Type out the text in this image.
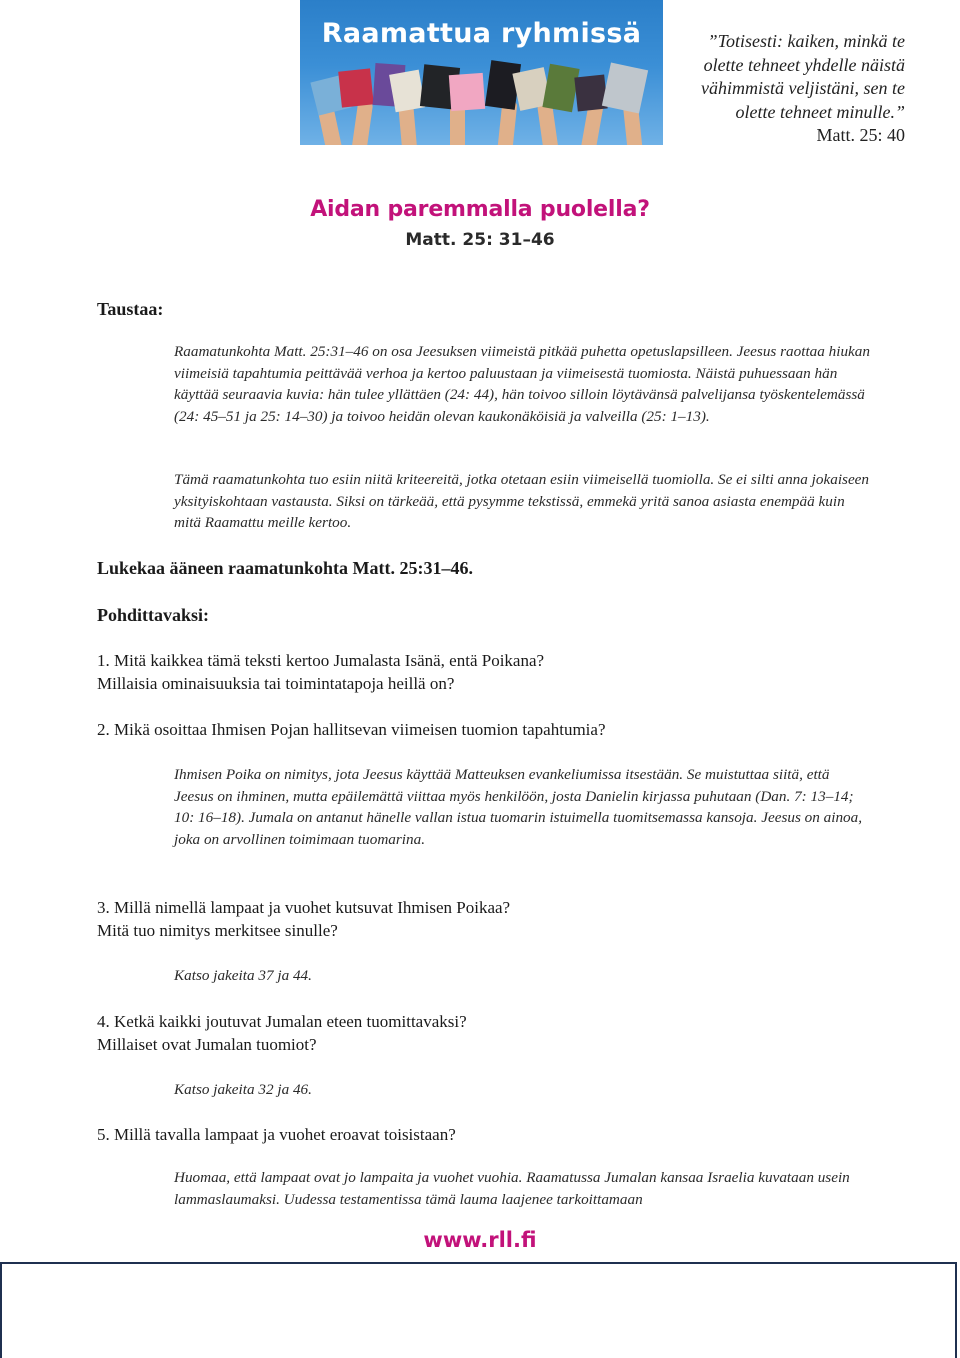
Raamattua ryhmissä	”Totisesti: kaiken, minkä te olette tehneet yhdelle näistä vähimmistä veljistäni, sen te olette tehneet minulle.”
Matt. 25: 40
Aidan paremmalla puolella?
Matt. 25: 31–46
Taustaa:
Raamatunkohta Matt. 25:31–46 on osa Jeesuksen viimeistä pitkää puhetta opetuslapsilleen. Jeesus raottaa hiukan viimeisiä tapahtumia peittävää verhoa ja kertoo paluustaan ja viimeisestä tuomiosta. Näistä puhuessaan hän käyttää seuraavia kuvia: hän tulee yllättäen (24: 44), hän toivoo silloin löytävänsä palvelijansa työskentelemässä (24: 45–51 ja 25: 14–30) ja toivoo heidän olevan kaukonäköisiä ja valveilla (25: 1–13).
Tämä raamatunkohta tuo esiin niitä kriteereitä, jotka otetaan esiin viimeisellä tuomiolla. Se ei silti anna jokaiseen yksityiskohtaan vastausta. Siksi on tärkeää, että pysymme tekstissä, emmekä yritä sanoa asiasta enempää kuin mitä Raamattu meille kertoo.
Lukekaa ääneen raamatunkohta Matt. 25:31–46.
Pohdittavaksi:
1. Mitä kaikkea tämä teksti kertoo Jumalasta Isänä, entä Poikana?
Millaisia ominaisuuksia tai toimintatapoja heillä on?
2. Mikä osoittaa Ihmisen Pojan hallitsevan viimeisen tuomion tapahtumia?
Ihmisen Poika on nimitys, jota Jeesus käyttää Matteuksen evankeliumissa itsestään. Se muistuttaa siitä, että Jeesus on ihminen, mutta epäilemättä viittaa myös henkilöön, josta Danielin kirjassa puhutaan (Dan. 7: 13–14; 10: 16–18). Jumala on antanut hänelle vallan istua tuomarin istuimella tuomitsemassa kansoja. Jeesus on ainoa, joka on arvollinen toimimaan tuomarina.
3. Millä nimellä lampaat ja vuohet kutsuvat Ihmisen Poikaa?
Mitä tuo nimitys merkitsee sinulle?
Katso jakeita 37 ja 44.
4. Ketkä kaikki joutuvat Jumalan eteen tuomittavaksi?
Millaiset ovat Jumalan tuomiot?
Katso jakeita 32 ja 46.
5. Millä tavalla lampaat ja vuohet eroavat toisistaan?
Huomaa, että lampaat ovat jo lampaita ja vuohet vuohia. Raamatussa Jumalan kansaa Israelia kuvataan usein lammaslaumaksi. Uudessa testamentissa tämä lauma laajenee tarkoittamaan
www.rll.fi
